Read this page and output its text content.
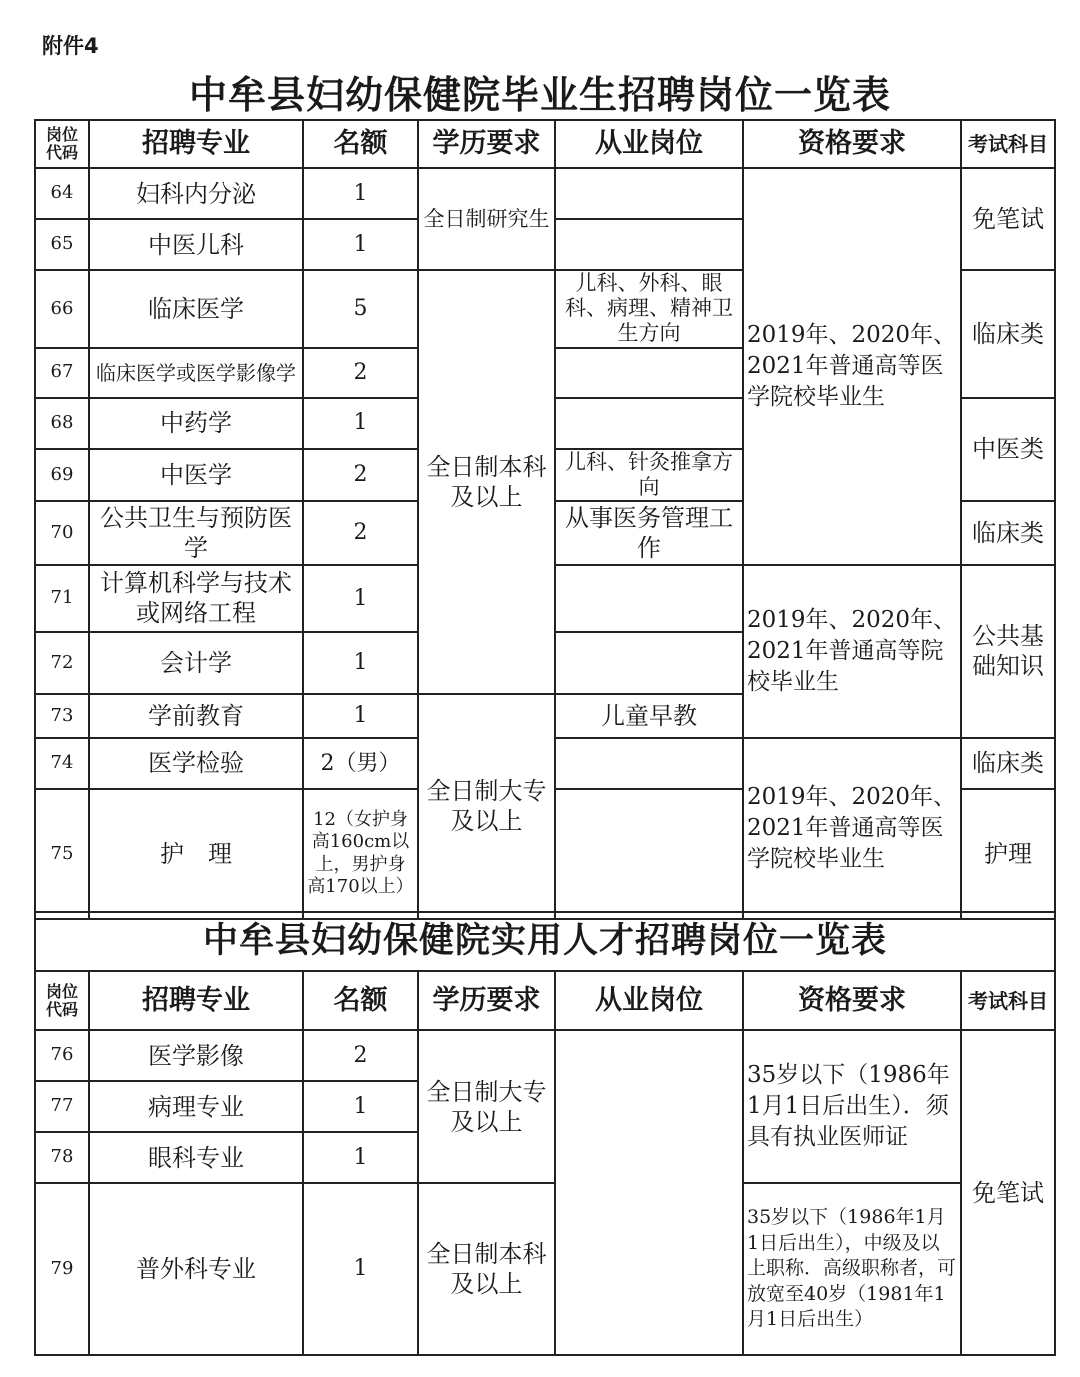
附件4
中牟县妇幼保健院毕业生招聘岗位一览表
岗位代码	招聘专业	名额	学历要求	从业岗位	资格要求	考试科目
64	妇科内分泌	1	全日制研究生		2019年、2020年、2021年普通高等医学院校毕业生	免笔试
65	中医儿科	1				
66	临床医学	5	全日制本科及以上	儿科、外科、眼科、病理、精神卫生方向		临床类
67	临床医学或医学影像学	2				
68	中药学	1				中医类
69	中医学	2		儿科、针灸推拿方向		
70	公共卫生与预防医学	2		从事医务管理工作		临床类
71	计算机科学与技术或网络工程	1			2019年、2020年、2021年普通高等院校毕业生	公共基础知识
72	会计学	1				
73	学前教育	1	全日制大专及以上	儿童早教		
74	医学检验	2（男）			2019年、2020年、2021年普通高等医学院校毕业生	临床类
75	护　理	12（女护身高160cm以上，男护身高170以上）				护理
中牟县妇幼保健院实用人才招聘岗位一览表						
岗位代码	招聘专业	名额	学历要求	从业岗位	资格要求	考试科目
76	医学影像	2	全日制大专及以上		35岁以下（1986年1月1日后出生）．须具有执业医师证	免笔试
77	病理专业	1				
78	眼科专业	1				
79	普外科专业	1	全日制本科及以上		35岁以下（1986年1月1日后出生），中级及以上职称．高级职称者，可放宽至40岁（1981年1月1日后出生）	
